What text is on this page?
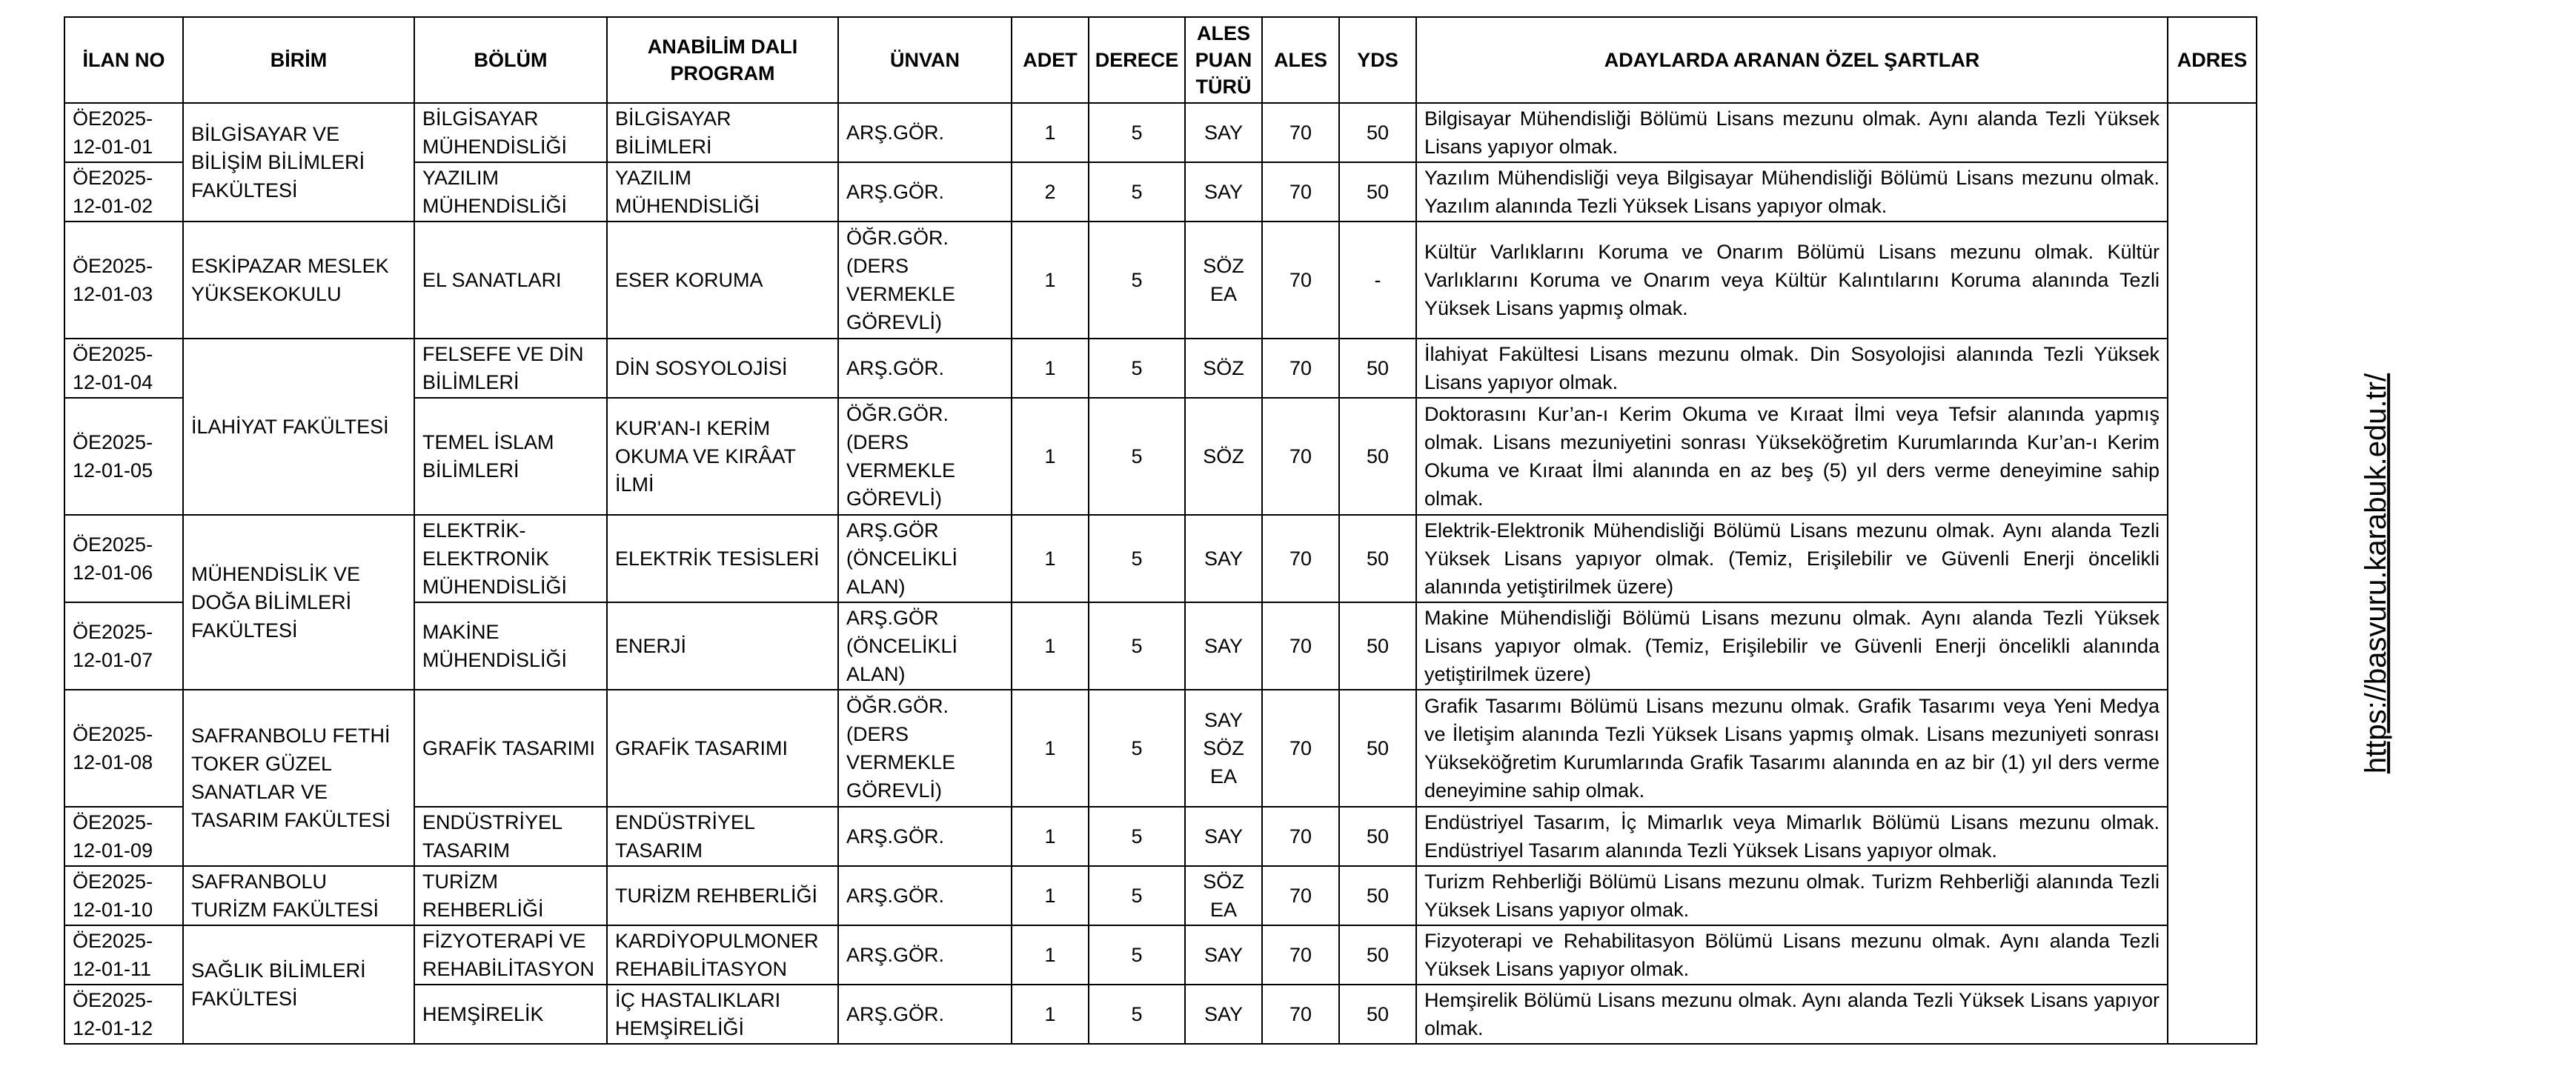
İLAN NO	BİRİM	BÖLÜM	ANABİLİM DALI PROGRAM	ÜNVAN	ADET	DERECE	ALES PUAN TÜRÜ	ALES	YDS	ADAYLARDA ARANAN ÖZEL ŞARTLAR	ADRES
ÖE2025-12-01-01	BİLGİSAYAR VE BİLİŞİM BİLİMLERİ FAKÜLTESİ	BİLGİSAYAR MÜHENDİSLİĞİ	BİLGİSAYAR BİLİMLERİ	ARŞ.GÖR.	1	5	SAY	70	50	Bilgisayar Mühendisliği Bölümü Lisans mezunu olmak. Aynı alanda Tezli Yüksek Lisans yapıyor olmak.	https://basvuru.karabuk.edu.tr/
ÖE2025-12-01-02		YAZILIM MÜHENDİSLİĞİ	YAZILIM MÜHENDİSLİĞİ	ARŞ.GÖR.	2	5	SAY	70	50	Yazılım Mühendisliği veya Bilgisayar Mühendisliği Bölümü Lisans mezunu olmak. Yazılım alanında Tezli Yüksek Lisans yapıyor olmak.	
ÖE2025-12-01-03	ESKİPAZAR MESLEK YÜKSEKOKULU	EL SANATLARI	ESER KORUMA	ÖĞR.GÖR. (DERS VERMEKLE GÖREVLİ)	1	5	SÖZ EA	70	-	Kültür Varlıklarını Koruma ve Onarım Bölümü Lisans mezunu olmak. Kültür Varlıklarını Koruma ve Onarım veya Kültür Kalıntılarını Koruma alanında Tezli Yüksek Lisans yapmış olmak.	
ÖE2025-12-01-04	İLAHİYAT FAKÜLTESİ	FELSEFE VE DİN BİLİMLERİ	DİN SOSYOLOJİSİ	ARŞ.GÖR.	1	5	SÖZ	70	50	İlahiyat Fakültesi Lisans mezunu olmak. Din Sosyolojisi alanında Tezli Yüksek Lisans yapıyor olmak.	
ÖE2025-12-01-05		TEMEL İSLAM BİLİMLERİ	KUR'AN-I KERİM OKUMA VE KIRÂAT İLMİ	ÖĞR.GÖR. (DERS VERMEKLE GÖREVLİ)	1	5	SÖZ	70	50	Doktorasını Kur’an-ı Kerim Okuma ve Kıraat İlmi veya Tefsir alanında yapmış olmak. Lisans mezuniyetini sonrası Yükseköğretim Kurumlarında Kur’an-ı Kerim Okuma ve Kıraat İlmi alanında en az beş (5) yıl ders verme deneyimine sahip olmak.	
ÖE2025-12-01-06	MÜHENDİSLİK VE DOĞA BİLİMLERİ FAKÜLTESİ	ELEKTRİK-ELEKTRONİK MÜHENDİSLİĞİ	ELEKTRİK TESİSLERİ	ARŞ.GÖR (ÖNCELİKLİ ALAN)	1	5	SAY	70	50	Elektrik-Elektronik Mühendisliği Bölümü Lisans mezunu olmak. Aynı alanda Tezli Yüksek Lisans yapıyor olmak. (Temiz, Erişilebilir ve Güvenli Enerji öncelikli alanında yetiştirilmek üzere)	
ÖE2025-12-01-07		MAKİNE MÜHENDİSLİĞİ	ENERJİ	ARŞ.GÖR (ÖNCELİKLİ ALAN)	1	5	SAY	70	50	Makine Mühendisliği Bölümü Lisans mezunu olmak. Aynı alanda Tezli Yüksek Lisans yapıyor olmak. (Temiz, Erişilebilir ve Güvenli Enerji öncelikli alanında yetiştirilmek üzere)	
ÖE2025-12-01-08	SAFRANBOLU FETHİ TOKER GÜZEL SANATLAR VE TASARIM FAKÜLTESİ	GRAFİK TASARIMI	GRAFİK TASARIMI	ÖĞR.GÖR. (DERS VERMEKLE GÖREVLİ)	1	5	SAY SÖZ EA	70	50	Grafik Tasarımı Bölümü Lisans mezunu olmak. Grafik Tasarımı veya Yeni Medya ve İletişim alanında Tezli Yüksek Lisans yapmış olmak. Lisans mezuniyeti sonrası Yükseköğretim Kurumlarında Grafik Tasarımı alanında en az bir (1) yıl ders verme deneyimine sahip olmak.	
ÖE2025-12-01-09		ENDÜSTRİYEL TASARIM	ENDÜSTRİYEL TASARIM	ARŞ.GÖR.	1	5	SAY	70	50	Endüstriyel Tasarım, İç Mimarlık veya Mimarlık Bölümü Lisans mezunu olmak. Endüstriyel Tasarım alanında Tezli Yüksek Lisans yapıyor olmak.	
ÖE2025-12-01-10	SAFRANBOLU TURİZM FAKÜLTESİ	TURİZM REHBERLİĞİ	TURİZM REHBERLİĞİ	ARŞ.GÖR.	1	5	SÖZ EA	70	50	Turizm Rehberliği Bölümü Lisans mezunu olmak. Turizm Rehberliği alanında Tezli Yüksek Lisans yapıyor olmak.	
ÖE2025-12-01-11	SAĞLIK BİLİMLERİ FAKÜLTESİ	FİZYOTERAPİ VE REHABİLİTASYON	KARDİYOPULMONER REHABİLİTASYON	ARŞ.GÖR.	1	5	SAY	70	50	Fizyoterapi ve Rehabilitasyon Bölümü Lisans mezunu olmak. Aynı alanda Tezli Yüksek Lisans yapıyor olmak.	
ÖE2025-12-01-12		HEMŞİRELİK	İÇ HASTALIKLARI HEMŞİRELİĞİ	ARŞ.GÖR.	1	5	SAY	70	50	Hemşirelik Bölümü Lisans mezunu olmak. Aynı alanda Tezli Yüksek Lisans yapıyor olmak.	
